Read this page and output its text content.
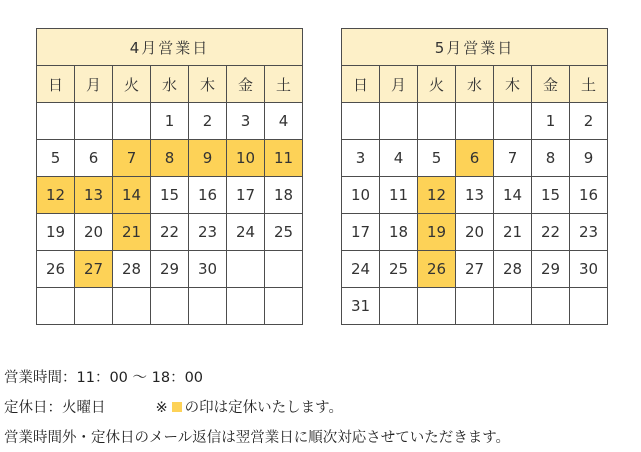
4月営業日						
日	月	火	水	木	金	土
			1	2	3	4
5	6	7	8	9	10	11
12	13	14	15	16	17	18
19	20	21	22	23	24	25
26	27	28	29	30		

5月営業日						
日	月	火	水	木	金	土
					1	2
3	4	5	6	7	8	9
10	11	12	13	14	15	16
17	18	19	20	21	22	23
24	25	26	27	28	29	30
31						
営業時間：11：00 〜 18：00
定休日：火曜日	※ の印は定休いたします。
営業時間外・定休日のメール返信は翌営業日に順次対応させていただきます。
